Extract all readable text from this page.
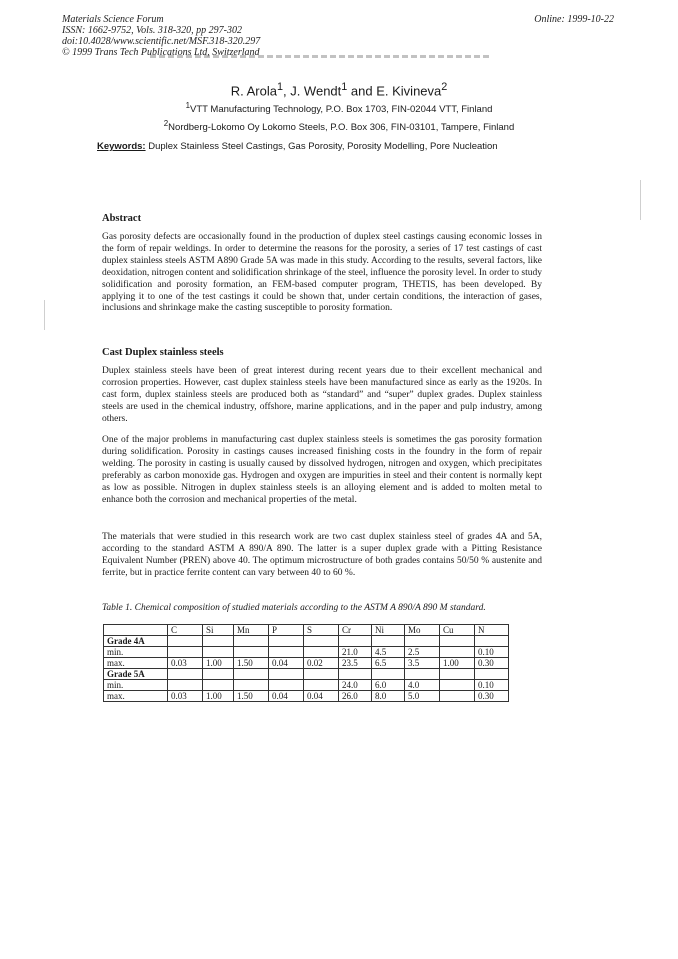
Materials Science Forum
ISSN: 1662-9752, Vols. 318-320, pp 297-302
doi:10.4028/www.scientific.net/MSF.318-320.297
© 1999 Trans Tech Publications Ltd, Switzerland
Online: 1999-10-22
R. Arola$^1$, J. Wendt$^1$ and E. Kivineva$^2$
$^1$VTT Manufacturing Technology, P.O. Box 1703, FIN-02044 VTT, Finland
$^2$Nordberg-Lokomo Oy Lokomo Steels, P.O. Box 306, FIN-03101, Tampere, Finland
Keywords: Duplex Stainless Steel Castings, Gas Porosity, Porosity Modelling, Pore Nucleation
Abstract
Gas porosity defects are occasionally found in the production of duplex steel castings causing economic losses in the form of repair weldings. In order to determine the reasons for the porosity, a series of 17 test castings of cast duplex stainless steels ASTM A890 Grade 5A was made in this study. According to the results, several factors, like deoxidation, nitrogen content and solidification shrinkage of the steel, influence the porosity level. In order to study solidification and porosity formation, an FEM-based computer program, THETIS, has been developed. By applying it to one of the test castings it could be shown that, under certain conditions, the interaction of gases, inclusions and shrinkage make the casting susceptible to porosity formation.
Cast Duplex stainless steels
Duplex stainless steels have been of great interest during recent years due to their excellent mechanical and corrosion properties. However, cast duplex stainless steels have been manufactured since as early as the 1920s. In cast form, duplex stainless steels are produced both as “standard” and “super” duplex grades. Duplex stainless steels are used in the chemical industry, offshore, marine applications, and in the paper and pulp industry, among others.
One of the major problems in manufacturing cast duplex stainless steels is sometimes the gas porosity formation during solidification. Porosity in castings causes increased finishing costs in the foundry in the form of repair welding. The porosity in casting is usually caused by dissolved hydrogen, nitrogen and oxygen, which precipitates preferably as carbon monoxide gas. Hydrogen and oxygen are impurities in steel and their content is normally kept as low as possible. Nitrogen in duplex stainless steels is an alloying element and is added to molten metal to enhance both the corrosion and mechanical properties of the metal.
The materials that were studied in this research work are two cast duplex stainless steel of grades 4A and 5A, according to the standard ASTM A 890/A 890. The latter is a super duplex grade with a Pitting Resistance Equivalent Number (PREN) above 40. The optimum microstructure of both grades contains 50/50 % austenite and ferrite, but in practice ferrite content can vary between 40 to 60 %.
Table 1. Chemical composition of studied materials according to the ASTM A 890/A 890 M standard.
	C	Si	Mn	P	S	Cr	Ni	Mo	Cu	N
Grade 4A										
min.						21.0	4.5	2.5		0.10
max.	0.03	1.00	1.50	0.04	0.02	23.5	6.5	3.5	1.00	0.30
Grade 5A										
min.						24.0	6.0	4.0		0.10
max.	0.03	1.00	1.50	0.04	0.04	26.0	8.0	5.0		0.30
